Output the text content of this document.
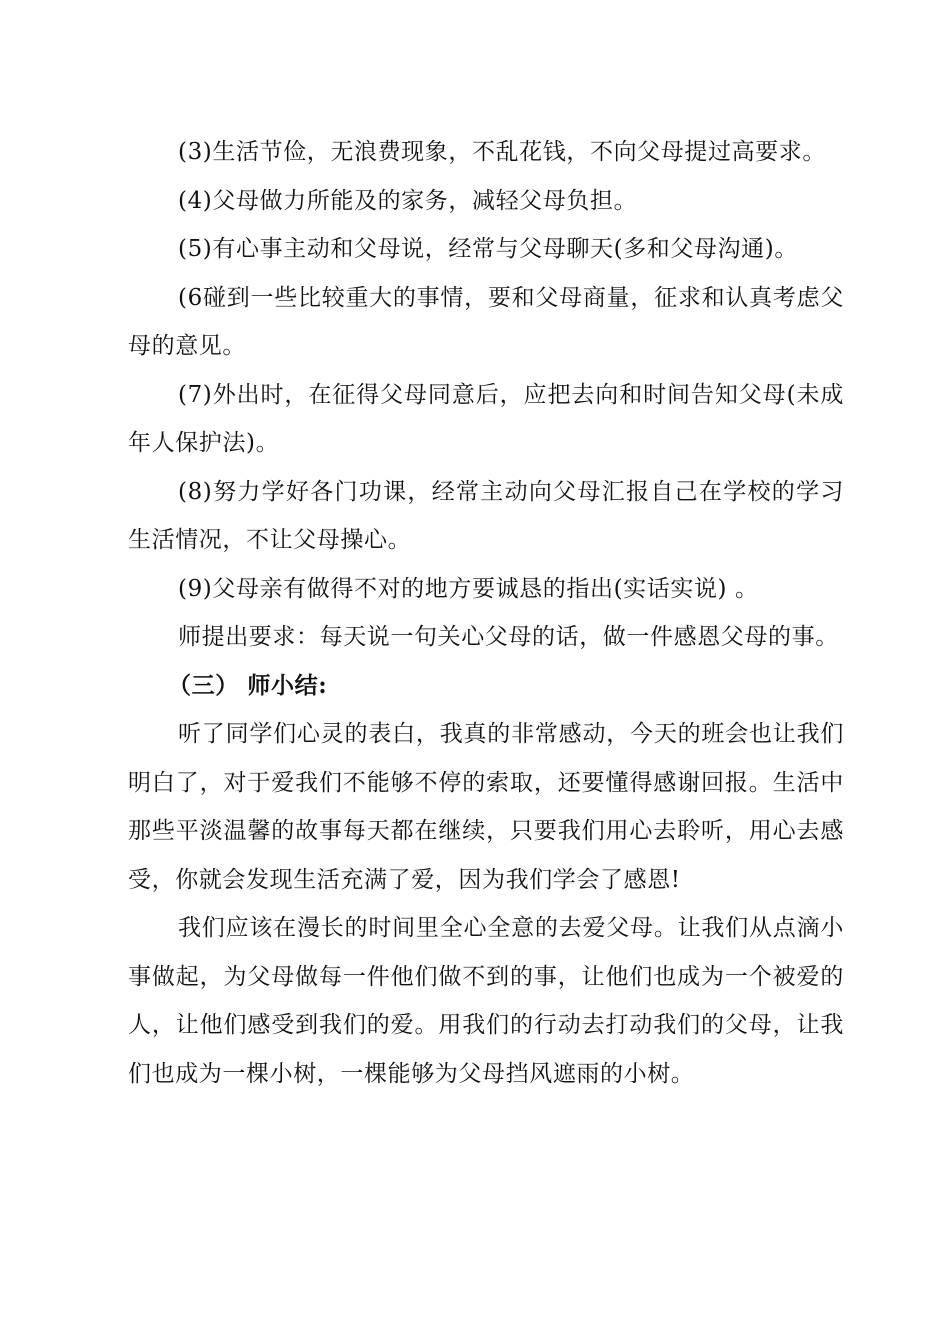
(3)生活节俭，无浪费现象，不乱花钱，不向父母提过高要求。

(4)父母做力所能及的家务，减轻父母负担。

(5)有心事主动和父母说，经常与父母聊天(多和父母沟通)。

(6碰到一些比较重大的事情，要和父母商量，征求和认真考虑父母的意见。

(7)外出时，在征得父母同意后，应把去向和时间告知父母(未成年人保护法)。

(8)努力学好各门功课，经常主动向父母汇报自己在学校的学习生活情况，不让父母操心。

(9)父母亲有做得不对的地方要诚恳的指出(实话实说) 。

师提出要求：每天说一句关心父母的话，做一件感恩父母的事。

（三） 师小结:

听了同学们心灵的表白，我真的非常感动，今天的班会也让我们明白了，对于爱我们不能够不停的索取，还要懂得感谢回报。生活中那些平淡温馨的故事每天都在继续，只要我们用心去聆听，用心去感受，你就会发现生活充满了爱，因为我们学会了感恩!

我们应该在漫长的时间里全心全意的去爱父母。让我们从点滴小事做起，为父母做每一件他们做不到的事，让他们也成为一个被爱的人，让他们感受到我们的爱。用我们的行动去打动我们的父母，让我们也成为一棵小树，一棵能够为父母挡风遮雨的小树。
